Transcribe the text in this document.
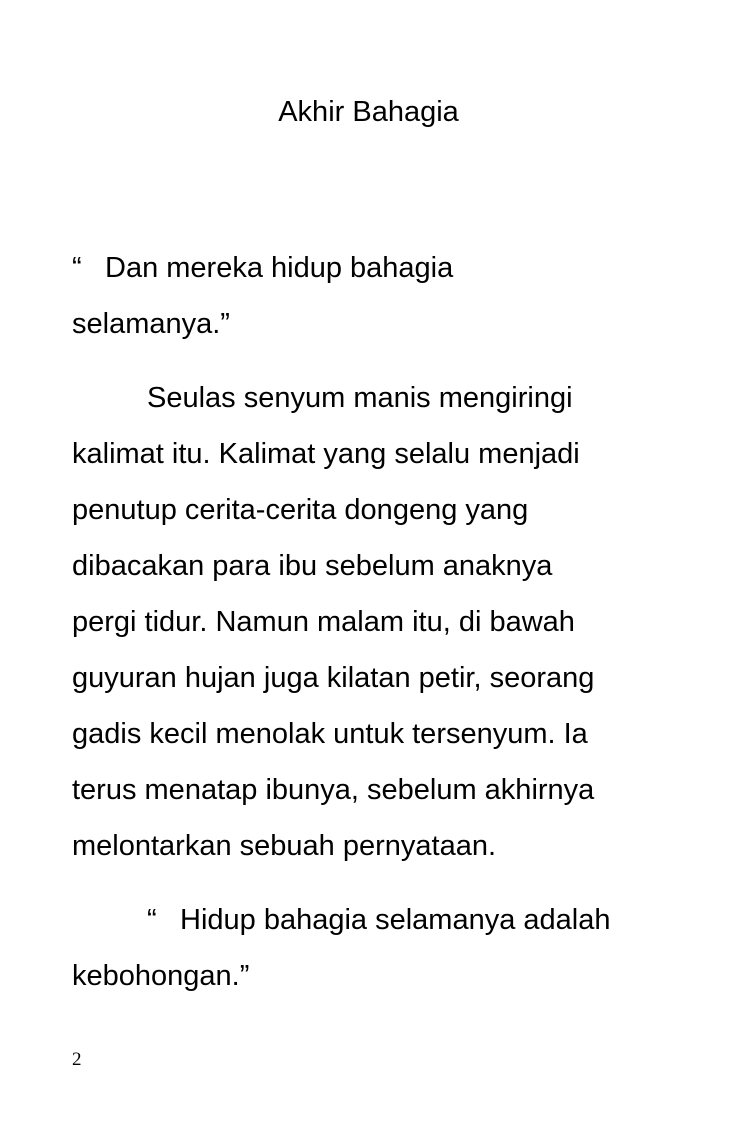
Akhir Bahagia
“ Dan mereka hidup bahagia
selamanya.”
Seulas senyum manis mengiringi
kalimat itu. Kalimat yang selalu menjadi
penutup cerita-cerita dongeng yang
dibacakan para ibu sebelum anaknya
pergi tidur. Namun malam itu, di bawah
guyuran hujan juga kilatan petir, seorang
gadis kecil menolak untuk tersenyum. Ia
terus menatap ibunya, sebelum akhirnya
melontarkan sebuah pernyataan.
“ Hidup bahagia selamanya adalah
kebohongan.”
2
